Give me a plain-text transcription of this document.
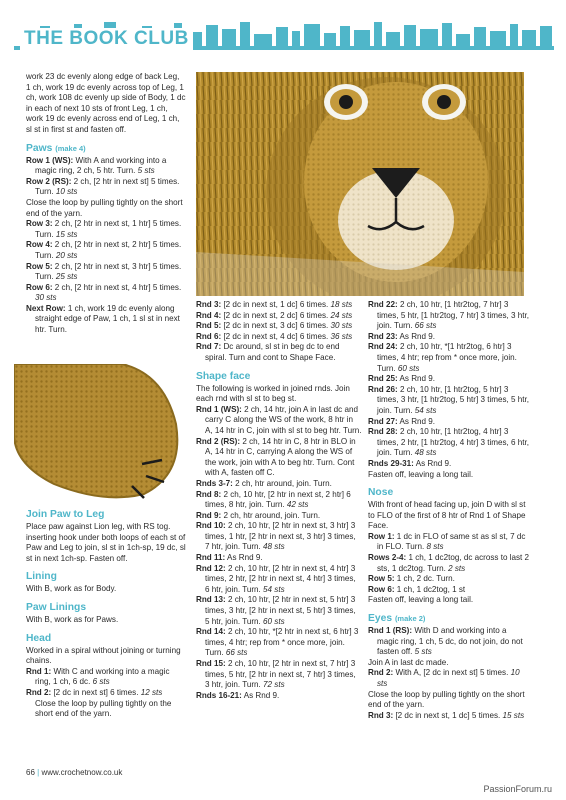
THE BOOK CLUB

work 23 dc evenly along edge of back Leg, 1 ch, work 19 dc evenly across top of Leg, 1 ch, work 108 dc evenly up side of Body, 1 dc in each of next 10 sts of front Leg, 1 ch, work 19 dc evenly across end of Leg, 1 ch, sl st in first st and fasten off.

Paws (make 4)

Row 1 (WS): With A and working into a magic ring, 2 ch, 5 htr. Turn. 5 sts

Row 2 (RS): 2 ch, [2 htr in next st] 5 times. Turn. 10 sts

Close the loop by pulling tightly on the short end of the yarn.

Row 3: 2 ch, [2 htr in next st, 1 htr] 5 times. Turn. 15 sts

Row 4: 2 ch, [2 htr in next st, 2 htr] 5 times. Turn. 20 sts

Row 5: 2 ch, [2 htr in next st, 3 htr] 5 times. Turn. 25 sts

Row 6: 2 ch, [2 htr in next st, 4 htr] 5 times. 30 sts

Next Row: 1 ch, work 19 dc evenly along straight edge of Paw, 1 ch, 1 sl st in next htr. Turn.

Join Paw to Leg

Place paw against Lion leg, with RS tog. inserting hook under both loops of each st of Paw and Leg to join, sl st in 1ch-sp, 19 dc, sl st in next 1ch-sp. Fasten off.

Lining

With B, work as for Body.

Paw Linings

With B, work as for Paws.

Head

Worked in a spiral without joining or turning chains.

Rnd 1: With C and working into a magic ring, 1 ch, 6 dc. 6 sts

Rnd 2: [2 dc in next st] 6 times. 12 sts

Close the loop by pulling tightly on the short end of the yarn.

Rnd 3: [2 dc in next st, 1 dc] 6 times. 18 sts

Rnd 4: [2 dc in next st, 2 dc] 6 times. 24 sts

Rnd 5: [2 dc in next st, 3 dc] 6 times. 30 sts

Rnd 6: [2 dc in next st, 4 dc] 6 times. 36 sts

Rnd 7: Dc around, sl st in beg dc to end spiral. Turn and cont to Shape Face.

Shape face

The following is worked in joined rnds. Join each rnd with sl st to beg st.

Rnd 1 (WS): 2 ch, 14 htr, join A in last dc and carry C along the WS of the work, 8 htr in A, 14 htr in C, join with sl st to beg htr. Turn.

Rnd 2 (RS): 2 ch, 14 htr in C, 8 htr in BLO in A, 14 htr in C, carrying A along the WS of the work, join with A to beg htr. Turn. Cont with A, fasten off C.

Rnds 3-7: 2 ch, htr around, join. Turn.

Rnd 8: 2 ch, 10 htr, [2 htr in next st, 2 htr] 6 times, 8 htr, join. Turn. 42 sts

Rnd 9: 2 ch, htr around, join. Turn.

Rnd 10: 2 ch, 10 htr, [2 htr in next st, 3 htr] 3 times, 1 htr, [2 htr in next st, 3 htr] 3 times, 7 htr, join. Turn. 48 sts

Rnd 11: As Rnd 9.

Rnd 12: 2 ch, 10 htr, [2 htr in next st, 4 htr] 3 times, 2 htr, [2 htr in next st, 4 htr] 3 times, 6 htr, join. Turn. 54 sts

Rnd 13: 2 ch, 10 htr, [2 htr in next st, 5 htr] 3 times, 3 htr, [2 htr in next st, 5 htr] 3 times, 5 htr, join. Turn. 60 sts

Rnd 14: 2 ch, 10 htr, *[2 htr in next st, 6 htr] 3 times, 4 htr; rep from * once more, join. Turn. 66 sts

Rnd 15: 2 ch, 10 htr, [2 htr in next st, 7 htr] 3 times, 5 htr, [2 htr in next st, 7 htr] 3 times, 3 htr, join. Turn. 72 sts

Rnds 16-21: As Rnd 9.

Rnd 22: 2 ch, 10 htr, [1 htr2tog, 7 htr] 3 times, 5 htr, [1 htr2tog, 7 htr] 3 times, 3 htr, join. Turn. 66 sts

Rnd 23: As Rnd 9.

Rnd 24: 2 ch, 10 htr, *[1 htr2tog, 6 htr] 3 times, 4 htr; rep from * once more, join. Turn. 60 sts

Rnd 25: As Rnd 9.

Rnd 26: 2 ch, 10 htr, [1 htr2tog, 5 htr] 3 times, 3 htr, [1 htr2tog, 5 htr] 3 times, 5 htr, join. Turn. 54 sts

Rnd 27: As Rnd 9.

Rnd 28: 2 ch, 10 htr, [1 htr2tog, 4 htr] 3 times, 2 htr, [1 htr2tog, 4 htr] 3 times, 6 htr, join. Turn. 48 sts

Rnds 29-31: As Rnd 9.

Fasten off, leaving a long tail.

Nose

With front of head facing up, join D with sl st to FLO of the first of 8 htr of Rnd 1 of Shape Face.

Row 1: 1 dc in FLO of same st as sl st, 7 dc in FLO. Turn. 8 sts

Rows 2-4: 1 ch, 1 dc2tog, dc across to last 2 sts, 1 dc2tog. Turn. 2 sts

Row 5: 1 ch, 2 dc. Turn.

Row 6: 1 ch, 1 dc2tog, 1 st

Fasten off, leaving a long tail.

Eyes (make 2)

Rnd 1 (RS): With D and working into a magic ring, 1 ch, 5 dc, do not join, do not fasten off. 5 sts

Join A in last dc made.

Rnd 2: With A, [2 dc in next st] 5 times. 10 sts

Close the loop by pulling tightly on the short end of the yarn.

Rnd 3: [2 dc in next st, 1 dc] 5 times. 15 sts

66 | www.crochetnow.co.uk
PassionForum.ru
